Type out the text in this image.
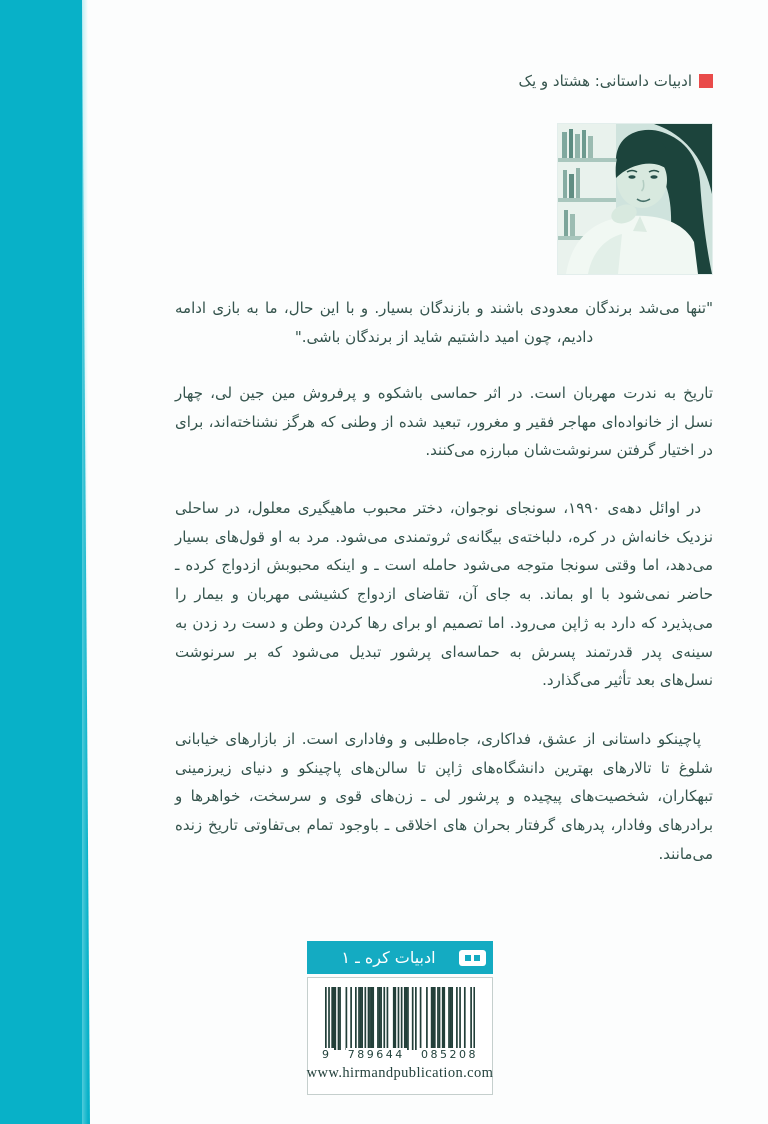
ادبیات داستانی: هشتاد و یک

"تنها می‌شد برندگان معدودی باشند و بازندگان بسیار. و با این حال، ما به بازی ادامه دادیم، چون امید داشتیم شاید از برندگان باشی."

تاریخ به ندرت مهربان است. در اثر حماسی باشکوه و پرفروش مین جین لی، چهار نسل از خانواده‌ای مهاجر فقیر و مغرور، تبعید شده از وطنی که هرگز نشناخته‌اند، برای در اختیار گرفتن سرنوشت‌شان مبارزه می‌کنند.

در اوائل دهه‌ی ۱۹۹۰، سونجای نوجوان، دختر محبوب ماهیگیری معلول، در ساحلی نزدیک خانه‌اش در کره، دلباخته‌ی بیگانه‌ی ثروتمندی می‌شود. مرد به او قول‌های بسیار می‌دهد، اما وقتی سونجا متوجه می‌شود حامله است ـ و اینکه محبوبش ازدواج کرده ـ حاضر نمی‌شود با او بماند. به جای آن، تقاضای ازدواج کشیشی مهربان و بیمار را می‌پذیرد که دارد به ژاپن می‌رود. اما تصمیم او برای رها کردن وطن و دست رد زدن به سینه‌ی پدر قدرتمند پسرش به حماسه‌ای پرشور تبدیل می‌شود که بر سرنوشت نسل‌های بعد تأثیر می‌گذارد.

پاچینکو داستانی از عشق، فداکاری، جاه‌طلبی و وفاداری است. از بازارهای خیابانی شلوغ تا تالارهای بهترین دانشگاه‌های ژاپن تا سالن‌های پاچینکو و دنیای زیرزمینی تبهکاران، شخصیت‌های پیچیده و پرشور لی ـ زن‌های قوی و سرسخت، خواهرها و برادرهای وفادار، پدرهای گرفتار بحران های اخلاقی ـ باوجود تمام بی‌تفاوتی تاریخ زنده می‌مانند.

ادبیات کره ـ ۱
9 789644 085208
www.hirmandpublication.com
